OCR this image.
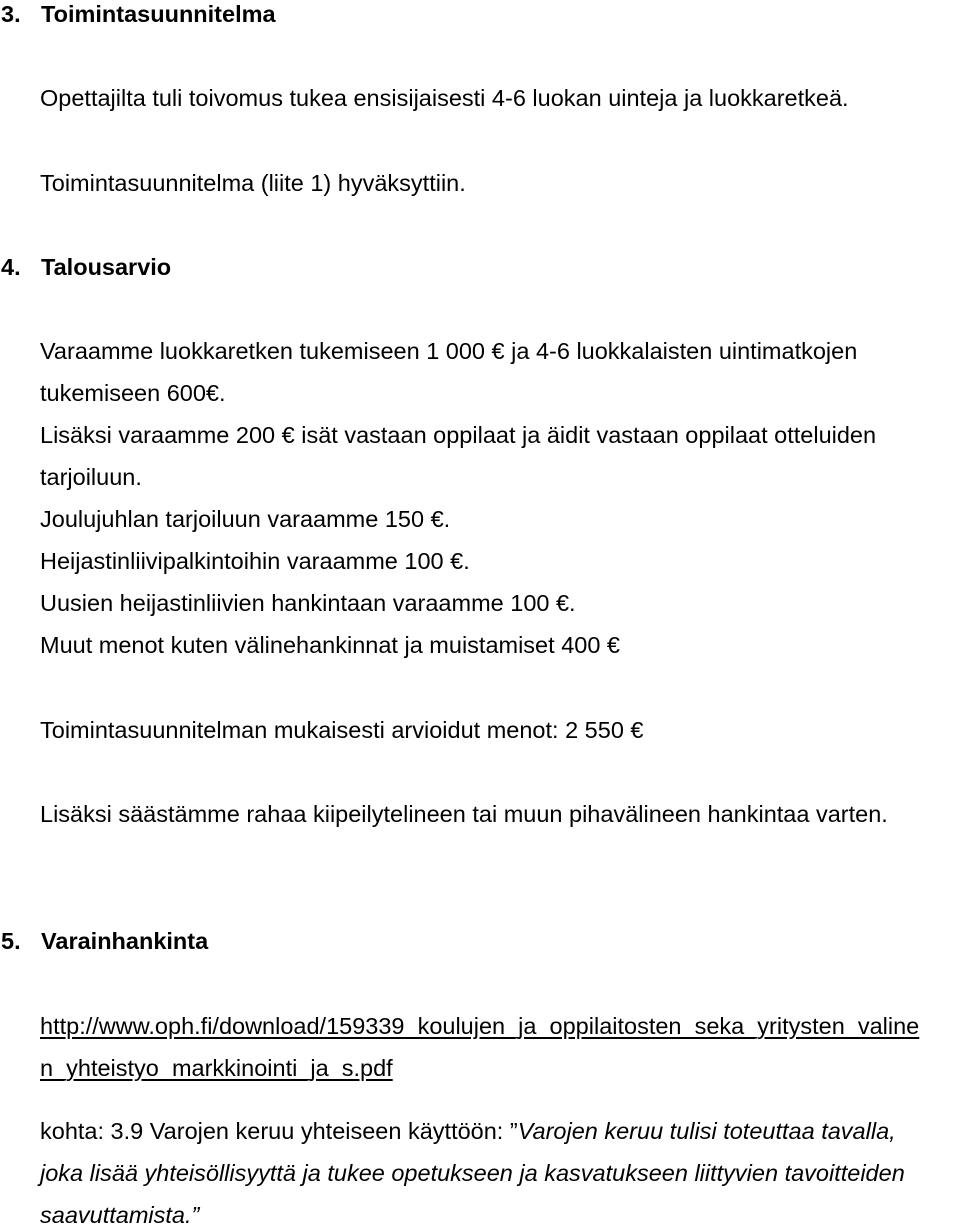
3. Toimintasuunnitelma
Opettajilta tuli toivomus tukea ensisijaisesti 4-6 luokan uinteja ja luokkaretkeä.
Toimintasuunnitelma (liite 1) hyväksyttiin.
4. Talousarvio
Varaamme luokkaretken tukemiseen 1 000 € ja 4-6 luokkalaisten uintimatkojen
tukemiseen 600€.
Lisäksi varaamme 200 € isät vastaan oppilaat ja äidit vastaan oppilaat otteluiden
tarjoiluun.
Joulujuhlan tarjoiluun varaamme 150 €.
Heijastinliivipalkintoihin varaamme 100 €.
Uusien heijastinliivien hankintaan varaamme 100 €.
Muut menot kuten välinehankinnat ja muistamiset 400 €
Toimintasuunnitelman mukaisesti arvioidut menot: 2 550 €
Lisäksi säästämme rahaa kiipeilytelineen tai muun pihavälineen hankintaa varten.
5. Varainhankinta
http://www.oph.fi/download/159339_koulujen_ja_oppilaitosten_seka_yritysten_valine
n_yhteistyo_markkinointi_ja_s.pdf
kohta: 3.9 Varojen keruu yhteiseen käyttöön: ”Varojen keruu tulisi toteuttaa tavalla,
joka lisää yhteisöllisyyttä ja tukee opetukseen ja kasvatukseen liittyvien tavoitteiden
saavuttamista.”
